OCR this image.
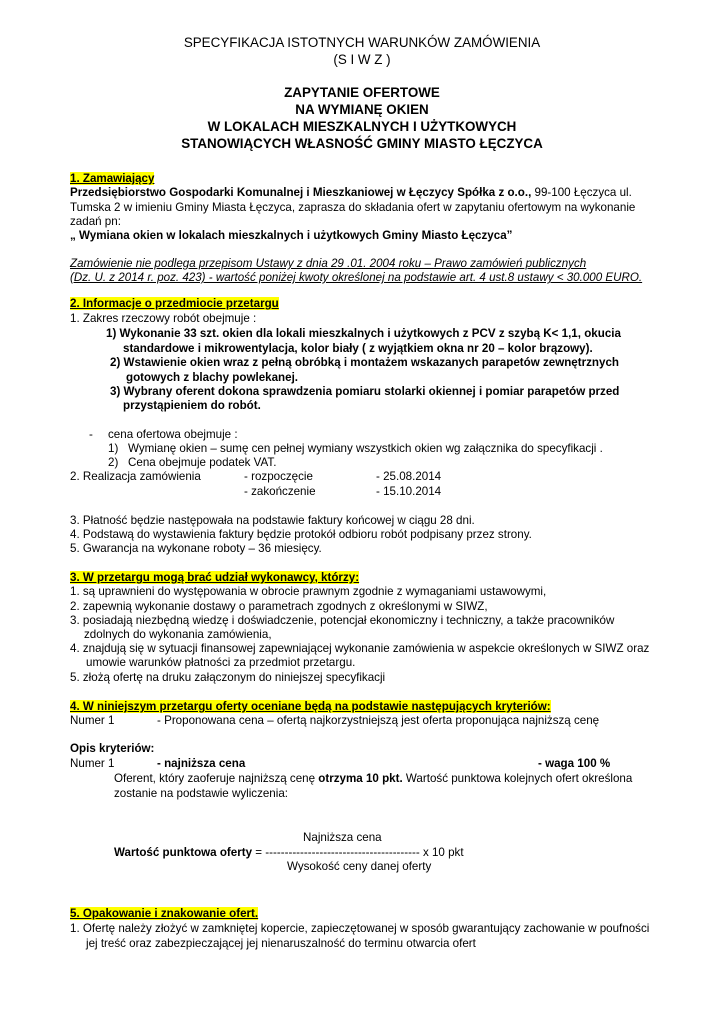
SPECYFIKACJA ISTOTNYCH WARUNKÓW ZAMÓWIENIA
(S I W Z )
ZAPYTANIE OFERTOWE
NA WYMIANĘ OKIEN
W LOKALACH MIESZKALNYCH I UŻYTKOWYCH
STANOWIĄCYCH WŁASNOŚĆ GMINY MIASTO ŁĘCZYCA
1. Zamawiający
Przedsiębiorstwo Gospodarki Komunalnej i Mieszkaniowej w Łęczycy Spółka z o.o., 99-100 Łęczyca ul.
Tumska 2 w imieniu Gminy Miasta Łęczyca, zaprasza do składania ofert w zapytaniu ofertowym na wykonanie
zadań pn:
„ Wymiana okien w lokalach mieszkalnych i użytkowych Gminy Miasto Łęczyca”
Zamówienie nie podlega przepisom Ustawy z dnia 29 .01. 2004 roku – Prawo zamówień publicznych
(Dz. U. z 2014 r. poz. 423) - wartość poniżej kwoty określonej na podstawie art. 4 ust.8 ustawy < 30.000 EURO.
2. Informacje o przedmiocie przetargu
1. Zakres rzeczowy robót obejmuje :
1) Wykonanie 33 szt. okien dla lokali mieszkalnych i użytkowych z PCV z szybą K< 1,1, okucia
standardowe i mikrowentylacja, kolor biały ( z wyjątkiem okna nr 20 – kolor brązowy).
2) Wstawienie okien wraz z pełną obróbką i montażem wskazanych parapetów zewnętrznych
gotowych z blachy powlekanej.
3) Wybrany oferent dokona sprawdzenia pomiaru stolarki okiennej i pomiar parapetów przed
przystąpieniem do robót.
- cena ofertowa obejmuje :
1) Wymianę okien – sumę cen pełnej wymiany wszystkich okien wg załącznika do specyfikacji .
2) Cena obejmuje podatek VAT.
2. Realizacja zamówienia	- rozpoczęcie	- 25.08.2014
- zakończenie	- 15.10.2014
3. Płatność będzie następowała na podstawie faktury końcowej w ciągu 28 dni.
4. Podstawą do wystawienia faktury będzie protokół odbioru robót podpisany przez strony.
5. Gwarancja na wykonane roboty – 36 miesięcy.
3. W przetargu mogą brać udział wykonawcy, którzy:
1. są uprawnieni do występowania w obrocie prawnym zgodnie z wymaganiami ustawowymi,
2. zapewnią wykonanie dostawy o parametrach zgodnych z określonymi w SIWZ,
3. posiadają niezbędną wiedzę i doświadczenie, potencjał ekonomiczny i techniczny, a także pracowników
zdolnych do wykonania zamówienia,
4. znajdują się w sytuacji finansowej zapewniającej wykonanie zamówienia w aspekcie określonych w SIWZ oraz
umowie warunków płatności za przedmiot przetargu.
5. złożą ofertę na druku załączonym do niniejszej specyfikacji
4. W niniejszym przetargu oferty oceniane będą na podstawie następujących kryteriów:
Numer 1	- Proponowana cena – ofertą najkorzystniejszą jest oferta proponująca najniższą cenę
Opis kryteriów:
Numer 1	- najniższa cena	- waga 100 %
Oferent, który zaoferuje najniższą cenę otrzyma 10 pkt. Wartość punktowa kolejnych ofert określona
zostanie na podstawie wyliczenia:
Najniższa cena
Wartość punktowa oferty = ---------------------------------------- x 10 pkt
Wysokość ceny danej oferty
5. Opakowanie i znakowanie ofert.
1. Ofertę należy złożyć w zamkniętej kopercie, zapieczętowanej w sposób gwarantujący zachowanie w poufności
jej treść oraz zabezpieczającej jej nienaruszalność do terminu otwarcia ofert
